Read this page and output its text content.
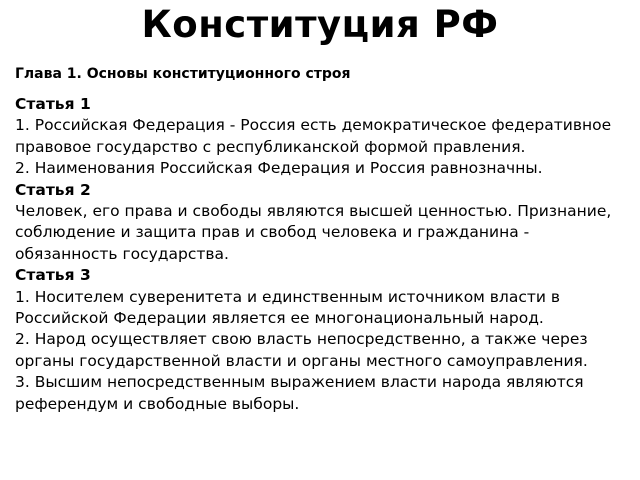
Конституция РФ
Глава 1. Основы конституционного строя
Статья 1
1. Российская Федерация - Россия есть демократическое федеративное правовое государство с республиканской формой правления.
2. Наименования Российская Федерация и Россия равнозначны.
Статья 2
Человек, его права и свободы являются высшей ценностью. Признание, соблюдение и защита прав и свобод человека и гражданина - обязанность государства.
Статья 3
1. Носителем суверенитета и единственным источником власти в Российской Федерации является ее многонациональный народ.
2. Народ осуществляет свою власть непосредственно, а также через органы государственной власти и органы местного самоуправления.
3. Высшим непосредственным выражением власти народа являются референдум и свободные выборы.
